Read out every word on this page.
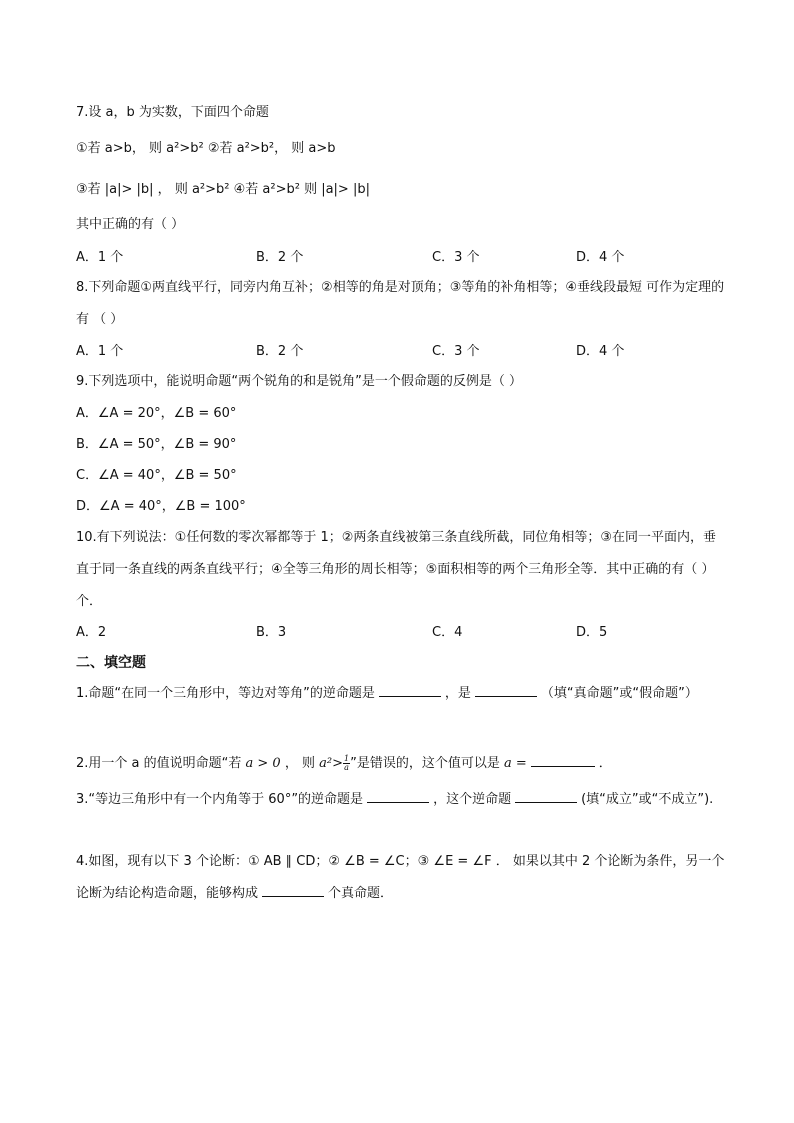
7.设 a，b 为实数，下面四个命题
①若 a>b， 则 a²>b² ②若 a²>b²， 则 a>b
③若 |a|> |b| ， 则 a²>b² ④若 a²>b² 则 |a|> |b|
其中正确的有（ ）
A．1 个	B．2 个	C．3 个	D．4 个
8.下列命题①两直线平行，同旁内角互补；②相等的角是对顶角；③等角的补角相等；④垂线段最短 可作为定理的有 （ ）
A．1 个	B．2 个	C．3 个	D．4 个
9.下列选项中，能说明命题“两个锐角的和是锐角”是一个假命题的反例是（ ）
A．∠A = 20°，∠B = 60°
B．∠A = 50°，∠B = 90°
C．∠A = 40°，∠B = 50°
D．∠A = 40°，∠B = 100°
10.有下列说法：①任何数的零次幂都等于 1；②两条直线被第三条直线所截，同位角相等；③在同一平面内，垂直于同一条直线的两条直线平行；④全等三角形的周长相等；⑤面积相等的两个三角形全等．其中正确的有（ ）个．
A．2	B．3	C．4	D．5
二、填空题
1.命题“在同一个三角形中，等边对等角”的逆命题是	，是	（填“真命题”或“假命题”）
2.用一个 a 的值说明命题“若 a > 0 ， 则 $a^2> \frac{1}{a}$ ”是错误的，这个值可以是 a =	．
3.“等边三角形中有一个内角等于 60°”的逆命题是	，这个逆命题	(填“成立”或“不成立”).
4.如图，现有以下 3 个论断：① AB ∥ CD；② ∠B = ∠C；③ ∠E = ∠F ． 如果以其中 2 个论断为条件，另一个论断为结论构造命题，能够构成	个真命题．
